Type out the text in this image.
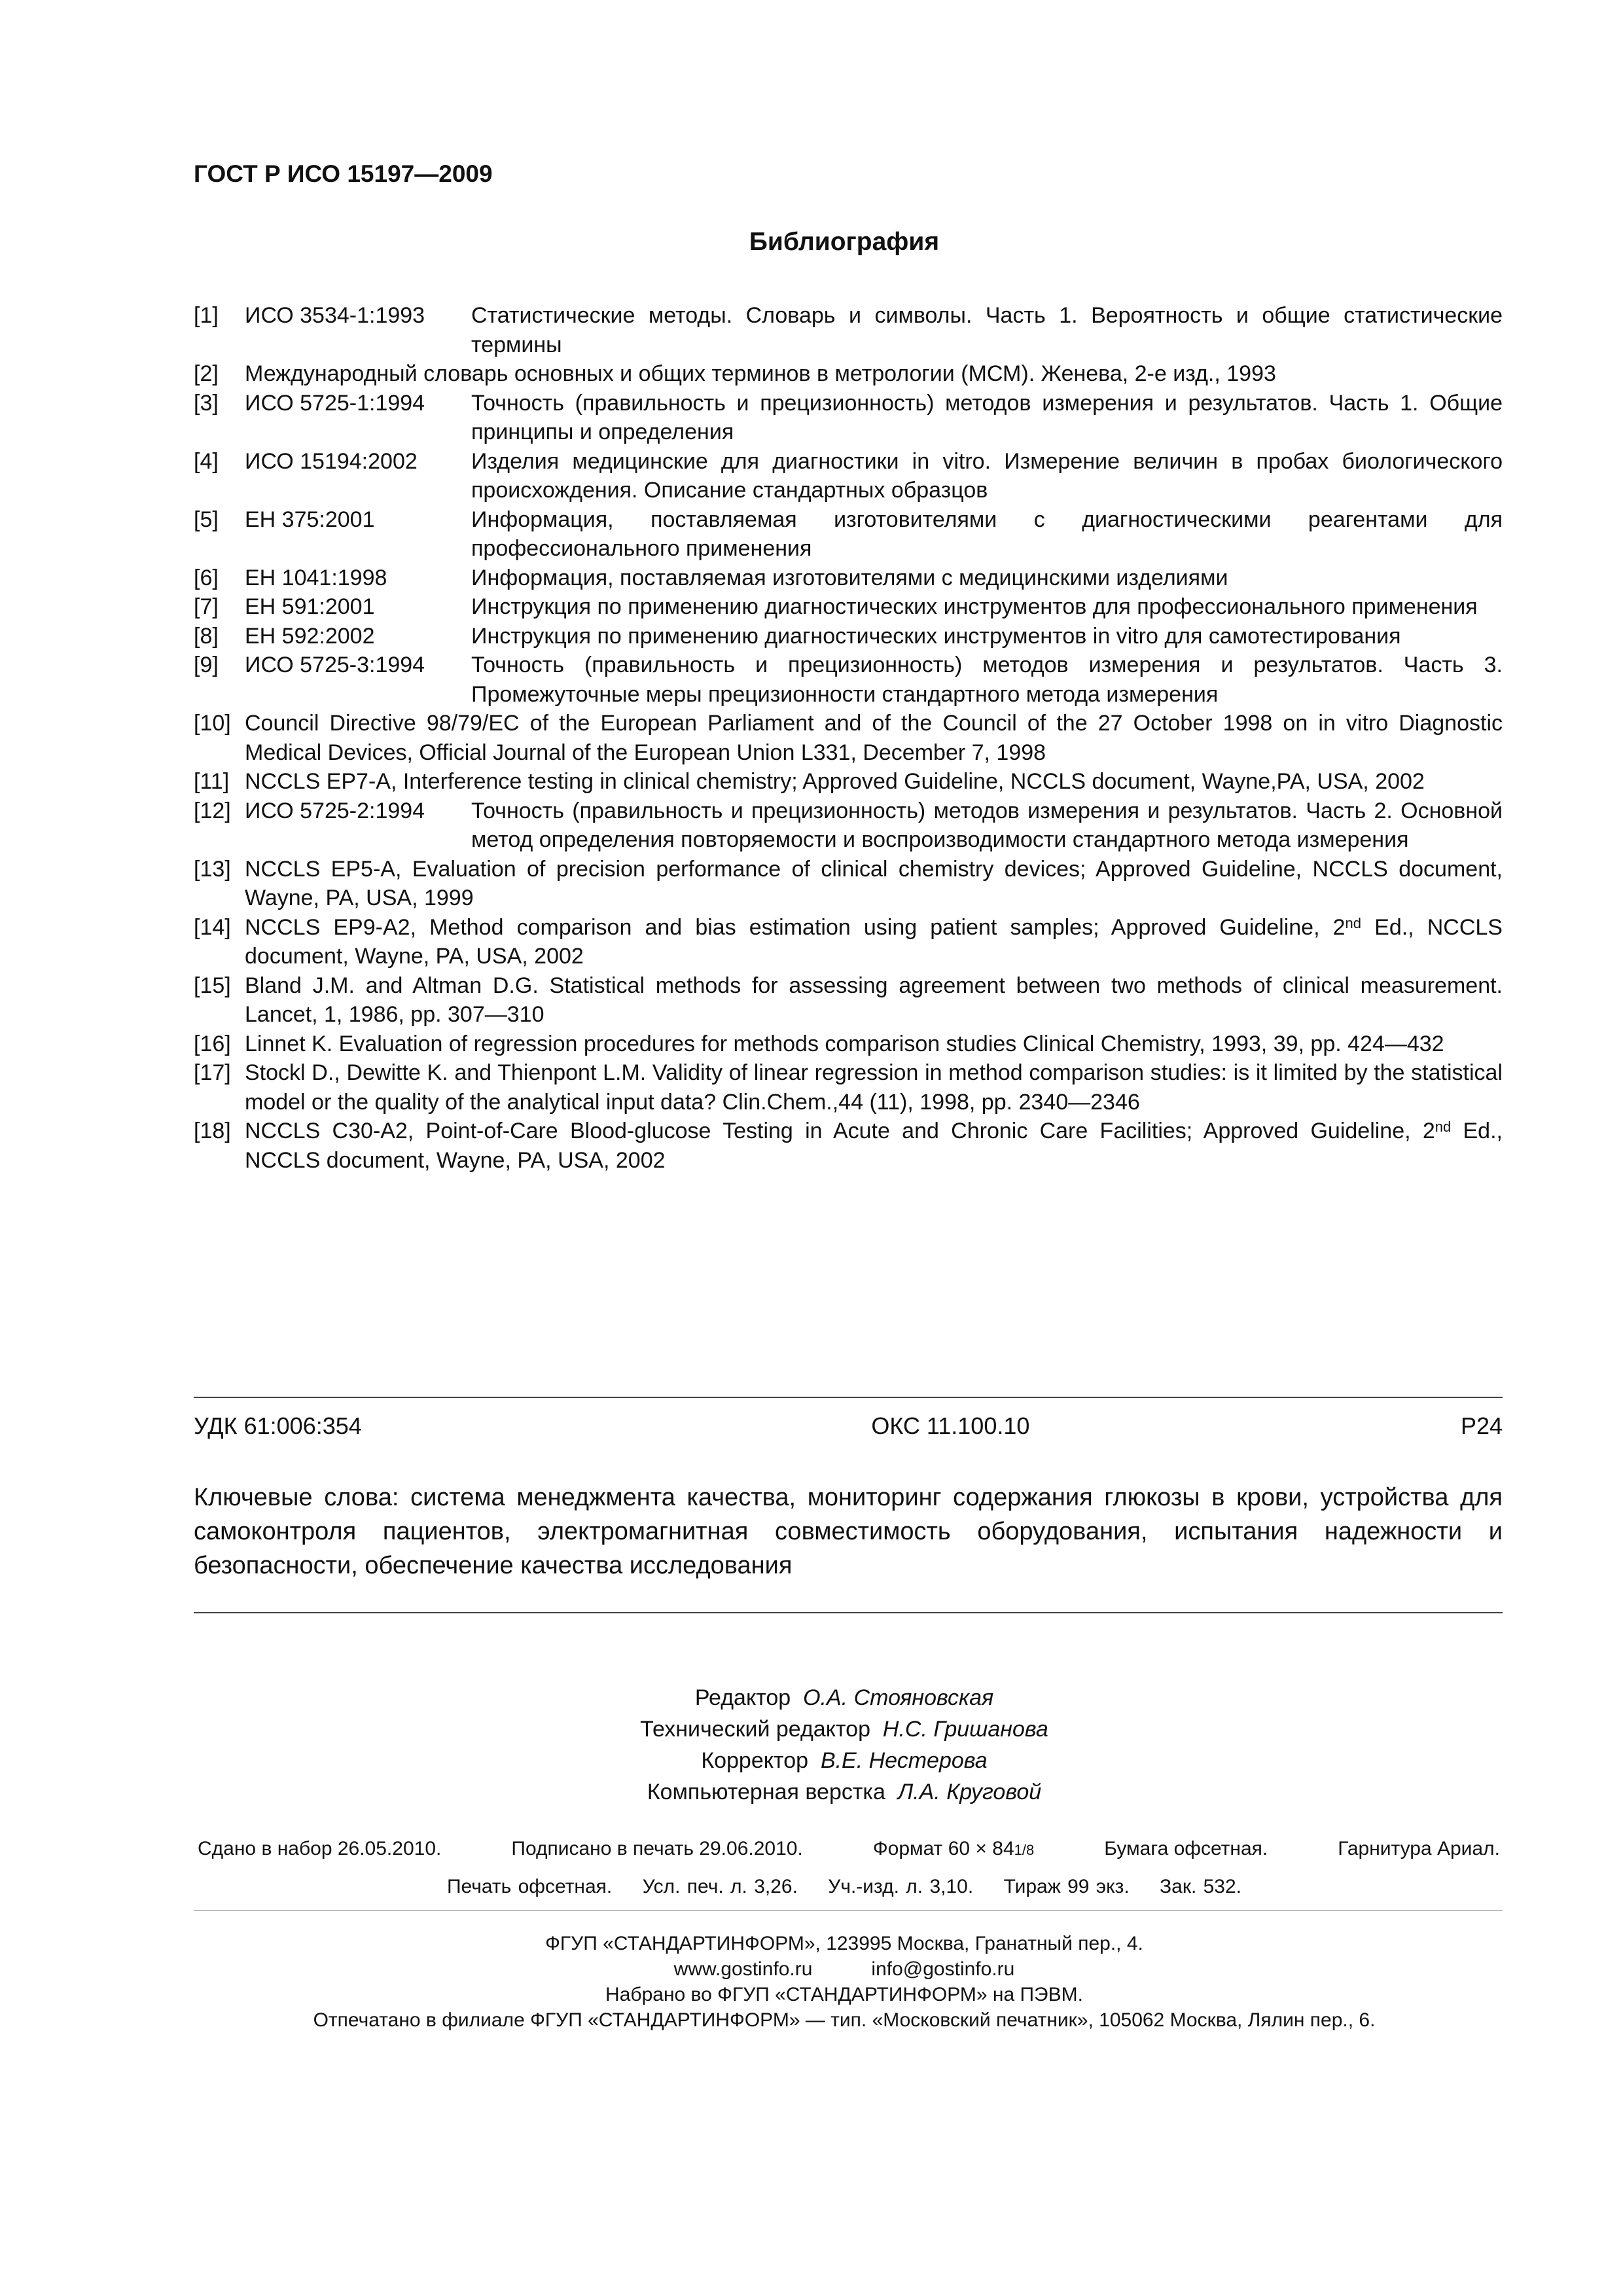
ГОСТ Р ИСО 15197—2009
Библиография
[1]	ИСО 3534-1:1993	Статистические методы. Словарь и символы. Часть 1. Вероятность и общие статистические термины
[2]	Международный словарь основных и общих терминов в метрологии (МСМ). Женева, 2-е изд., 1993
[3]	ИСО 5725-1:1994	Точность (правильность и прецизионность) методов измерения и результатов. Часть 1. Общие принципы и определения
[4]	ИСО 15194:2002	Изделия медицинские для диагностики in vitro. Измерение величин в пробах биологического происхождения. Описание стандартных образцов
[5]	ЕН 375:2001	Информация, поставляемая изготовителями с диагностическими реагентами для профессионального применения
[6]	ЕН 1041:1998	Информация, поставляемая изготовителями с медицинскими изделиями
[7]	ЕН 591:2001	Инструкция по применению диагностических инструментов для профессионального применения
[8]	ЕН 592:2002	Инструкция по применению диагностических инструментов in vitro для самотестирования
[9]	ИСО 5725-3:1994	Точность (правильность и прецизионность) методов измерения и результатов. Часть 3. Промежуточные меры прецизионности стандартного метода измерения
[10] Council Directive 98/79/EC of the European Parliament and of the Council of the 27 October 1998 on in vitro Diagnostic Medical Devices, Official Journal of the European Union L331, December 7, 1998
[11] NCCLS EP7-A, Interference testing in clinical chemistry; Approved Guideline, NCCLS document, Wayne,PA, USA, 2002
[12] ИСО 5725-2:1994	Точность (правильность и прецизионность) методов измерения и результатов. Часть 2. Основной метод определения повторяемости и воспроизводимости стандартного метода измерения
[13] NCCLS EP5-A, Evaluation of precision performance of clinical chemistry devices; Approved Guideline, NCCLS document, Wayne, PA, USA, 1999
[14] NCCLS EP9-A2, Method comparison and bias estimation using patient samples; Approved Guideline, 2nd Ed., NCCLS document, Wayne, PA, USA, 2002
[15] Bland J.M. and Altman D.G. Statistical methods for assessing agreement between two methods of clinical measurement. Lancet, 1, 1986, pp. 307—310
[16] Linnet K. Evaluation of regression procedures for methods comparison studies Clinical Chemistry, 1993, 39, pp. 424—432
[17] Stockl D., Dewitte K. and Thienpont L.M. Validity of linear regression in method comparison studies: is it limited by the statistical model or the quality of the analytical input data? Clin.Chem.,44 (11), 1998, pp. 2340—2346
[18] NCCLS C30-A2, Point-of-Care Blood-glucose Testing in Acute and Chronic Care Facilities; Approved Guideline, 2nd Ed., NCCLS document, Wayne, PA, USA, 2002
УДК 61:006:354	ОКС 11.100.10	P24
Ключевые слова: система менеджмента качества, мониторинг содержания глюкозы в крови, устройства для самоконтроля пациентов, электромагнитная совместимость оборудования, испытания надежности и безопасности, обеспечение качества исследования
Редактор О.А. Стояновская
Технический редактор Н.С. Гришанова
Корректор В.Е. Нестерова
Компьютерная верстка Л.А. Круговой
Сдано в набор 26.05.2010.	Подписано в печать 29.06.2010.	Формат 60 × 841/8	Бумага офсетная.	Гарнитура Ариал.
Печать офсетная. Усл. печ. л. 3,26. Уч.-изд. л. 3,10. Тираж 99 экз. Зак. 532.
ФГУП «СТАНДАРТИНФОРМ», 123995 Москва, Гранатный пер., 4.
www.gostinfo.ru	info@gostinfo.ru
Набрано во ФГУП «СТАНДАРТИНФОРМ» на ПЭВМ.
Отпечатано в филиале ФГУП «СТАНДАРТИНФОРМ» — тип. «Московский печатник», 105062 Москва, Лялин пер., 6.
